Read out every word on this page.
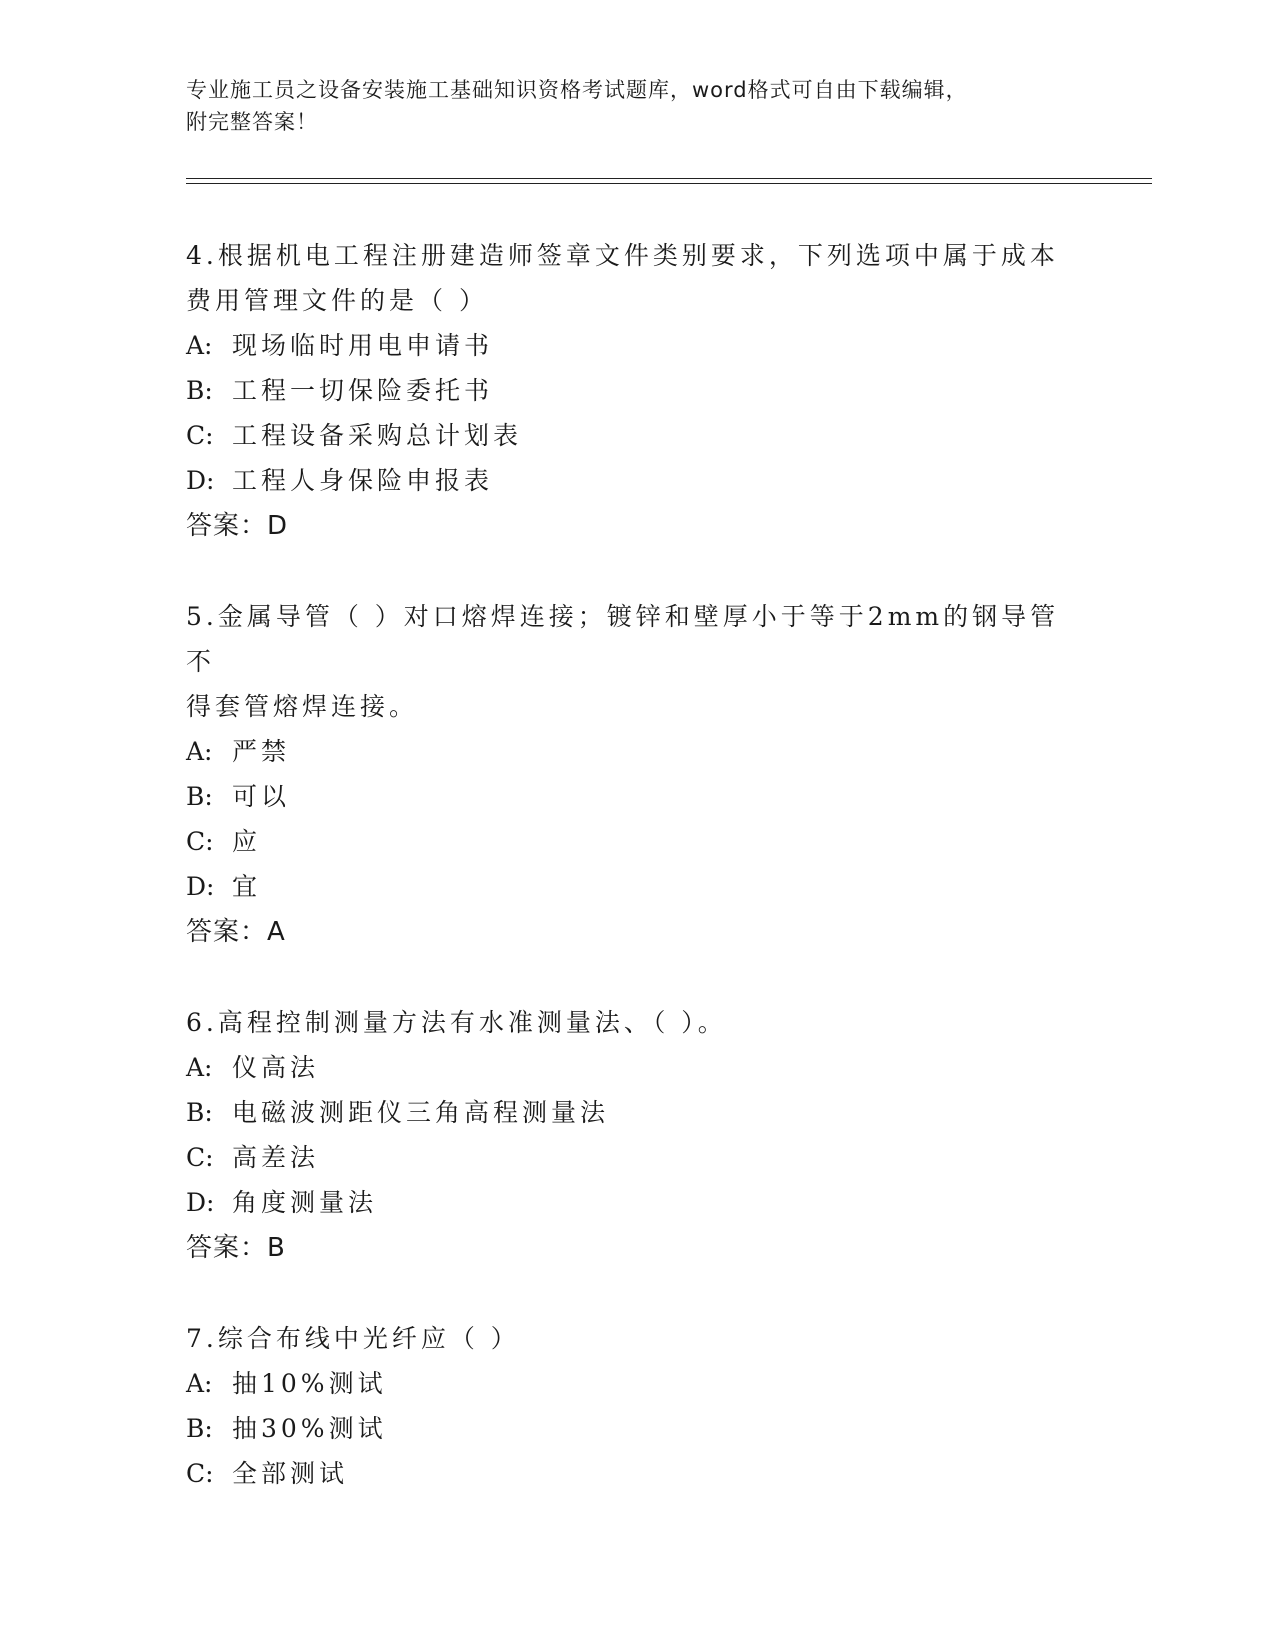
专业施工员之设备安装施工基础知识资格考试题库，word格式可自由下载编辑，
附完整答案！
4.根据机电工程注册建造师签章文件类别要求，下列选项中属于成本
费用管理文件的是（ ）
A: 现场临时用电申请书
B: 工程一切保险委托书
C: 工程设备采购总计划表
D: 工程人身保险申报表
答案：D
5.金属导管（ ）对口熔焊连接；镀锌和壁厚小于等于2mm的钢导管不
得套管熔焊连接。
A: 严禁
B: 可以
C: 应
D: 宜
答案：A
6.高程控制测量方法有水准测量法、（ ）。
A: 仪高法
B: 电磁波测距仪三角高程测量法
C: 高差法
D: 角度测量法
答案：B
7.综合布线中光纤应（ ）
A: 抽10%测试
B: 抽30%测试
C: 全部测试
